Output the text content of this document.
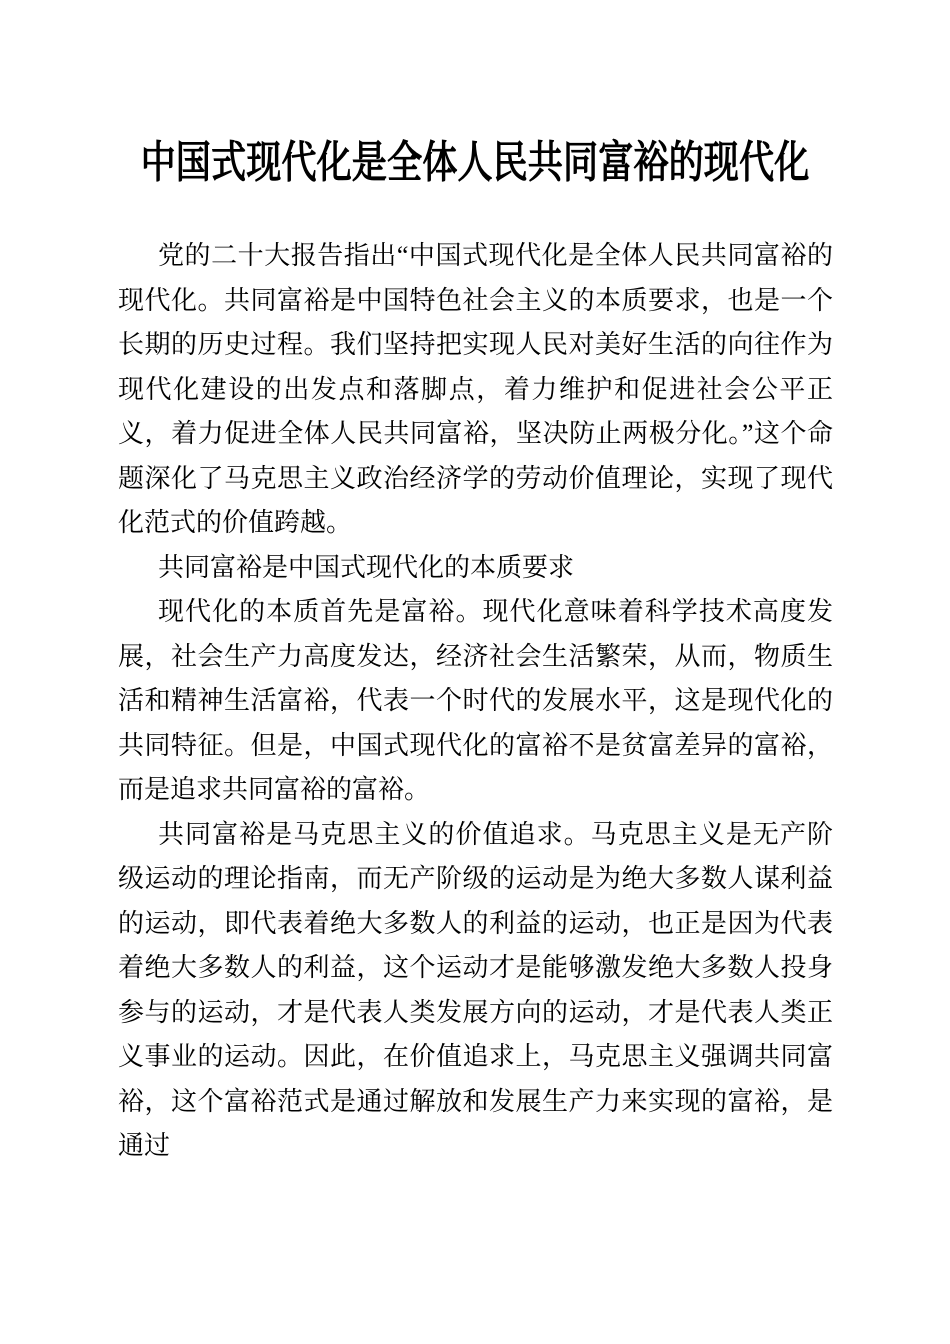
中国式现代化是全体人民共同富裕的现代化

党的二十大报告指出“中国式现代化是全体人民共同富裕的现代化。共同富裕是中国特色社会主义的本质要求，也是一个长期的历史过程。我们坚持把实现人民对美好生活的向往作为现代化建设的出发点和落脚点，着力维护和促进社会公平正义，着力促进全体人民共同富裕，坚决防止两极分化。”这个命题深化了马克思主义政治经济学的劳动价值理论，实现了现代化范式的价值跨越。

共同富裕是中国式现代化的本质要求

现代化的本质首先是富裕。现代化意味着科学技术高度发展，社会生产力高度发达，经济社会生活繁荣，从而，物质生活和精神生活富裕，代表一个时代的发展水平，这是现代化的共同特征。但是，中国式现代化的富裕不是贫富差异的富裕，而是追求共同富裕的富裕。

共同富裕是马克思主义的价值追求。马克思主义是无产阶级运动的理论指南，而无产阶级的运动是为绝大多数人谋利益的运动，即代表着绝大多数人的利益的运动，也正是因为代表着绝大多数人的利益，这个运动才是能够激发绝大多数人投身参与的运动，才是代表人类发展方向的运动，才是代表人类正义事业的运动。因此，在价值追求上，马克思主义强调共同富裕，这个富裕范式是通过解放和发展生产力来实现的富裕，是通过
